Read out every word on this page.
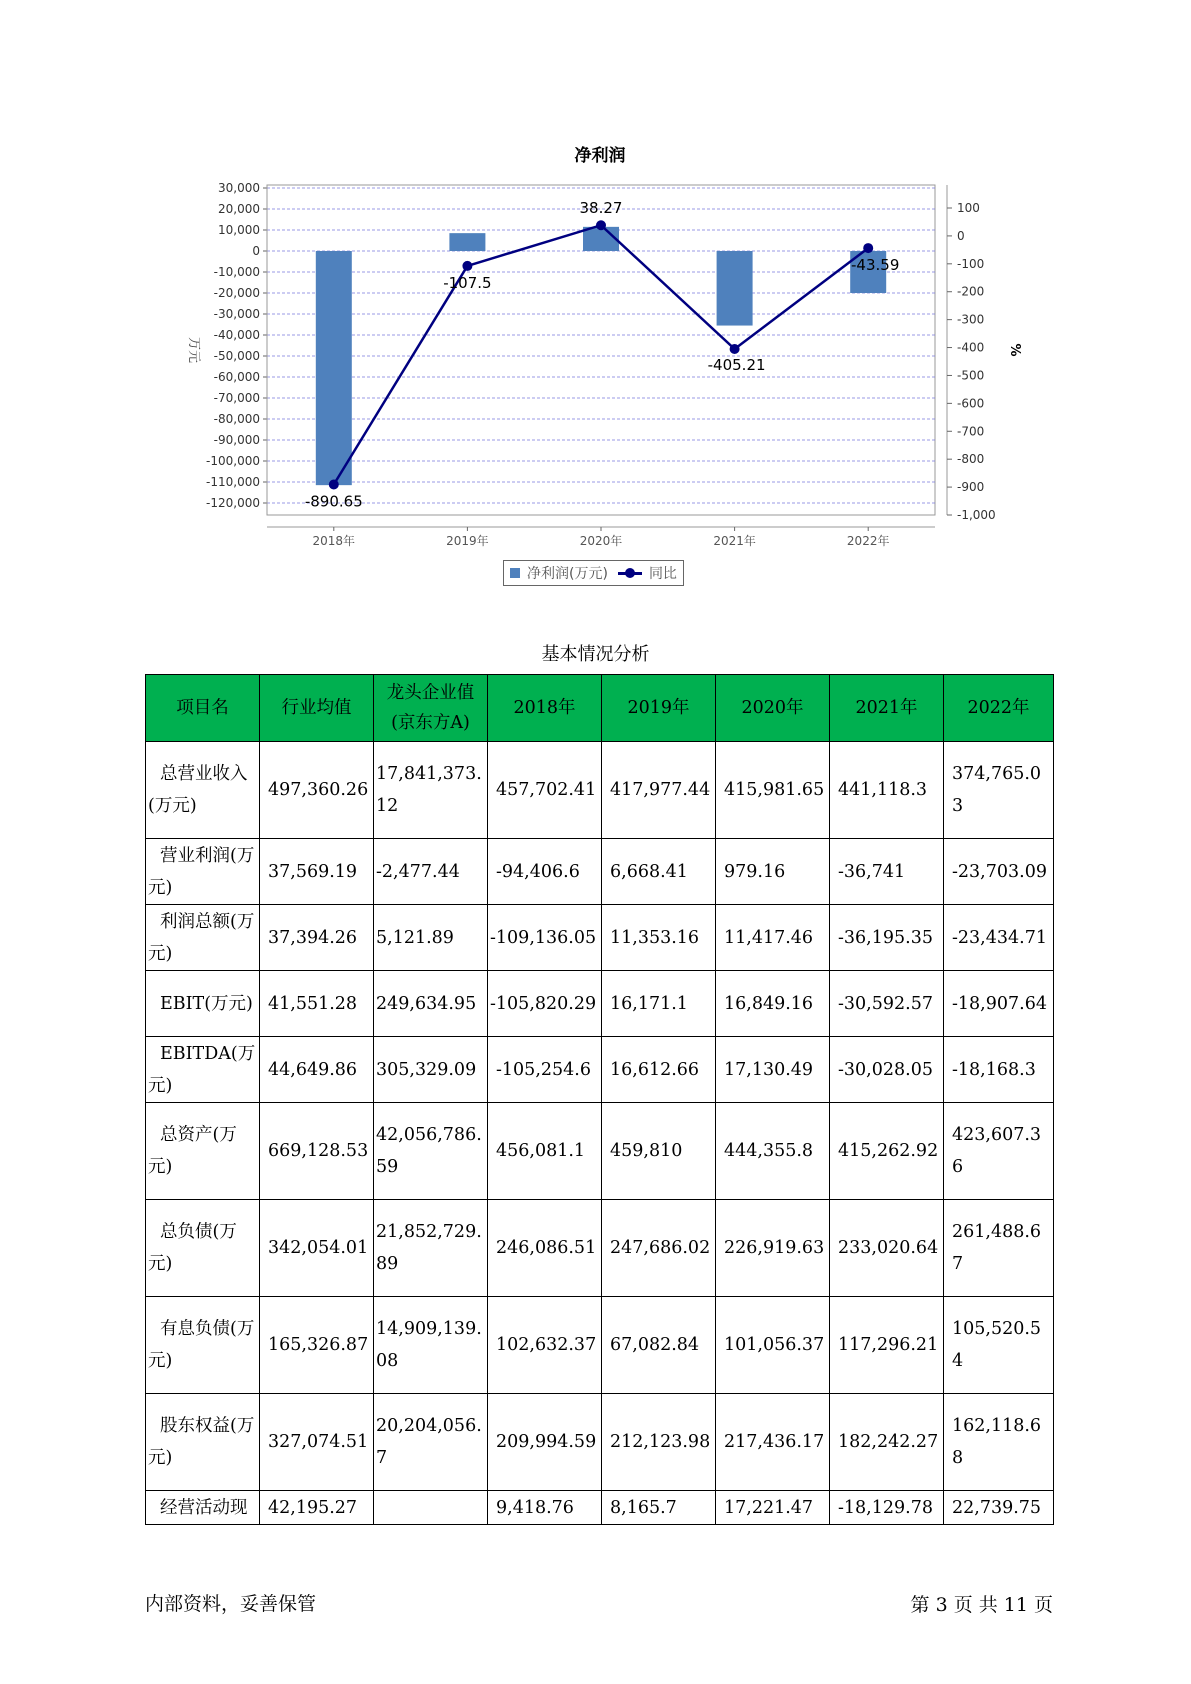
净利润
30,000
20,000
10,000
0
-10,000
-20,000
-30,000
-40,000
-50,000
-60,000
-70,000
-80,000
-90,000
-100,000
-110,000
-120,000
100
0
-100
-200
-300
-400
-500
-600
-700
-800
-900
-1,000
-890.65
-107.5
38.27
-405.21
-43.59
2018年	2019年	2020年	2021年	2022年
万元	%
净利润(万元)	同比
基本情况分析
项目名	行业均值	龙头企业值(京东方A)	2018年	2019年	2020年	2021年	2022年
总营业收入(万元)	497,360.26	17,841,373.12	457,702.41	417,977.44	415,981.65	441,118.3	374,765.03
营业利润(万元)	37,569.19	-2,477.44	-94,406.6	6,668.41	979.16	-36,741	-23,703.09
利润总额(万元)	37,394.26	5,121.89	-109,136.05	11,353.16	11,417.46	-36,195.35	-23,434.71
EBIT(万元)	41,551.28	249,634.95	-105,820.29	16,171.1	16,849.16	-30,592.57	-18,907.64
EBITDA(万元)	44,649.86	305,329.09	-105,254.6	16,612.66	17,130.49	-30,028.05	-18,168.3
总资产(万元)	669,128.53	42,056,786.59	456,081.1	459,810	444,355.8	415,262.92	423,607.36
总负债(万元)	342,054.01	21,852,729.89	246,086.51	247,686.02	226,919.63	233,020.64	261,488.67
有息负债(万元)	165,326.87	14,909,139.08	102,632.37	67,082.84	101,056.37	117,296.21	105,520.54
股东权益(万元)	327,074.51	20,204,056.7	209,994.59	212,123.98	217,436.17	182,242.27	162,118.68
经营活动现	42,195.27		9,418.76	8,165.7	17,221.47	-18,129.78	22,739.75
内部资料，妥善保管	第 3 页 共 11 页
